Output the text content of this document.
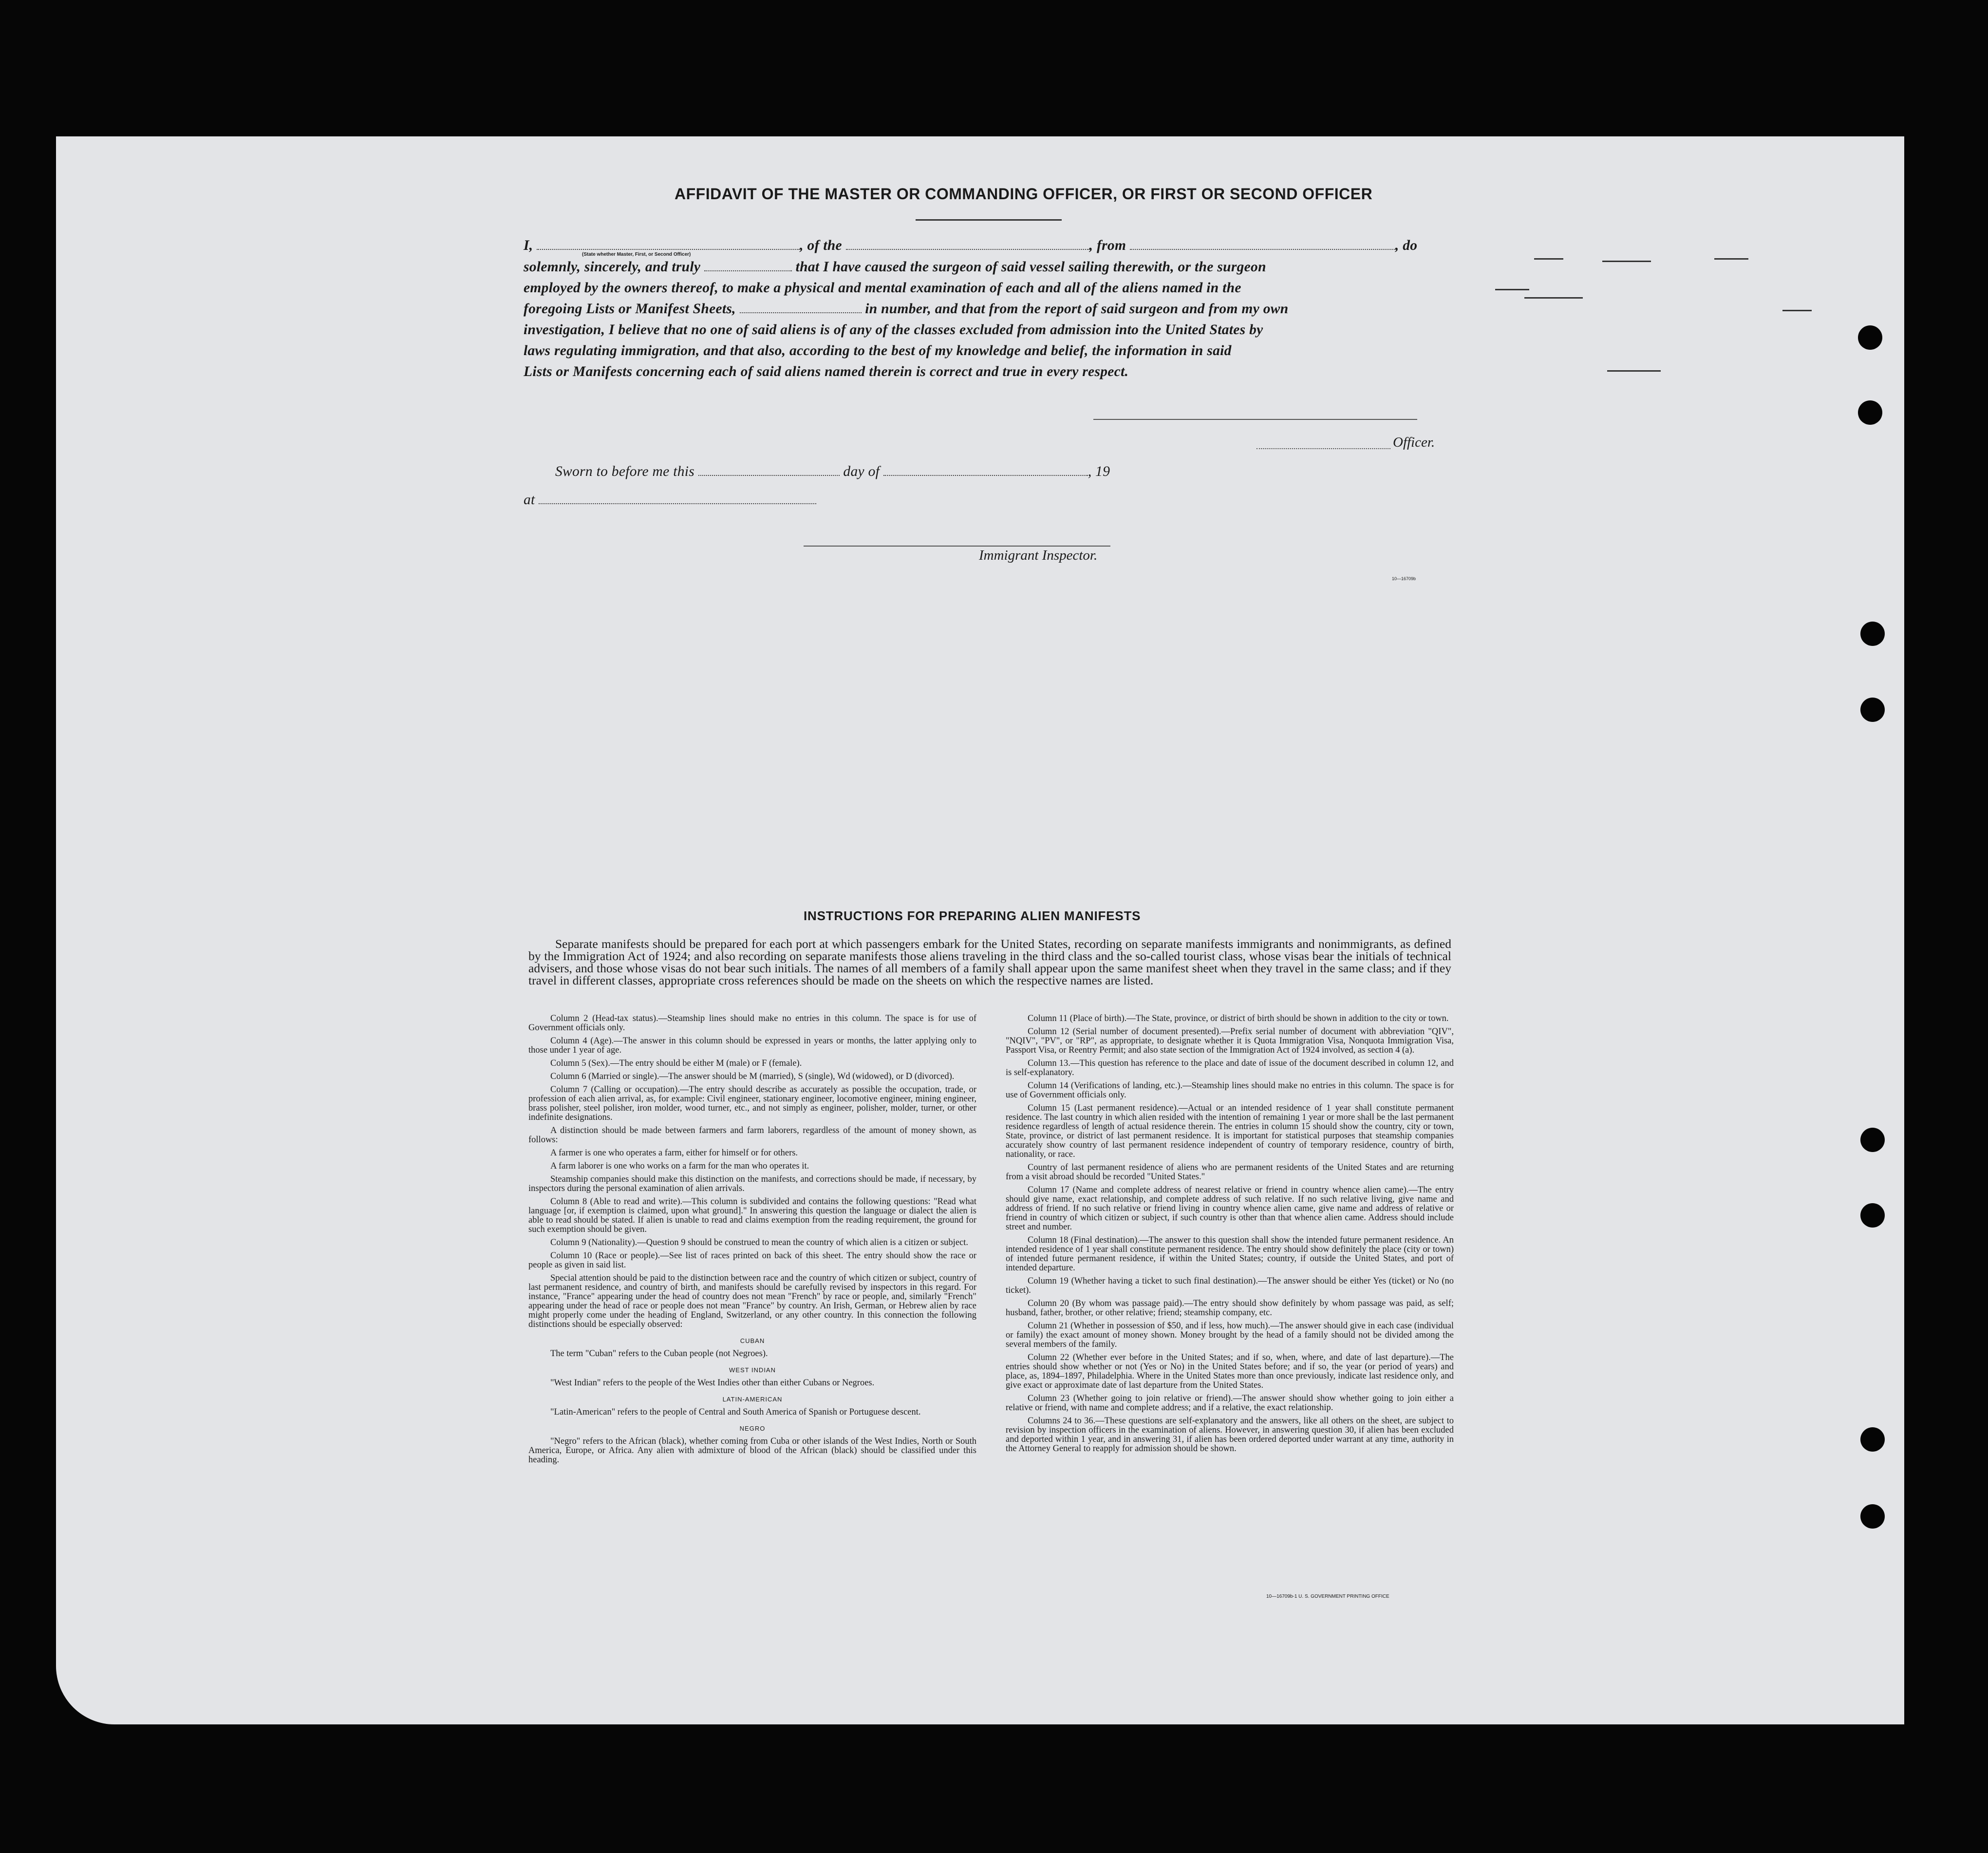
AFFIDAVIT OF THE MASTER OR COMMANDING OFFICER, OR FIRST OR SECOND OFFICER
I,	, of the	, from	, do
(State whether Master, First, or Second Officer)
solemnly, sincerely, and truly	that I have caused the surgeon of said vessel sailing therewith, or the surgeon
employed by the owners thereof, to make a physical and mental examination of each and all of the aliens named in the
foregoing Lists or Manifest Sheets,	in number, and that from the report of said surgeon and from my own
investigation, I believe that no one of said aliens is of any of the classes excluded from admission into the United States by
laws regulating immigration, and that also, according to the best of my knowledge and belief, the information in said
Lists or Manifests concerning each of said aliens named therein is correct and true in every respect.
Officer.
Sworn to before me this	day of	, 19
at
Immigrant Inspector.
10—16709b
INSTRUCTIONS FOR PREPARING ALIEN MANIFESTS

Separate manifests should be prepared for each port at which passengers embark for the United States, recording on separate manifests immigrants and nonimmigrants, as defined by the Immigration Act of 1924; and also recording on separate manifests those aliens traveling in the third class and the so-called tourist class, whose visas bear the initials of technical advisers, and those whose visas do not bear such initials. The names of all members of a family shall appear upon the same manifest sheet when they travel in the same class; and if they travel in different classes, appropriate cross references should be made on the sheets on which the respective names are listed.

Column 2 (Head-tax status).—Steamship lines should make no entries in this column. The space is for use of Government officials only.

Column 4 (Age).—The answer in this column should be expressed in years or months, the latter applying only to those under 1 year of age.

Column 5 (Sex).—The entry should be either M (male) or F (female).

Column 6 (Married or single).—The answer should be M (married), S (single), Wd (widowed), or D (divorced).

Column 7 (Calling or occupation).—The entry should describe as accurately as possible the occupation, trade, or profession of each alien arrival, as, for example: Civil engineer, stationary engineer, locomotive engineer, mining engineer, brass polisher, steel polisher, iron molder, wood turner, etc., and not simply as engineer, polisher, molder, turner, or other indefinite designations.

A distinction should be made between farmers and farm laborers, regardless of the amount of money shown, as follows:

A farmer is one who operates a farm, either for himself or for others.

A farm laborer is one who works on a farm for the man who operates it.

Steamship companies should make this distinction on the manifests, and corrections should be made, if necessary, by inspectors during the personal examination of alien arrivals.

Column 8 (Able to read and write).—This column is subdivided and contains the following questions: "Read what language [or, if exemption is claimed, upon what ground]." In answering this question the language or dialect the alien is able to read should be stated. If alien is unable to read and claims exemption from the reading requirement, the ground for such exemption should be given.

Column 9 (Nationality).—Question 9 should be construed to mean the country of which alien is a citizen or subject.

Column 10 (Race or people).—See list of races printed on back of this sheet. The entry should show the race or people as given in said list.

Special attention should be paid to the distinction between race and the country of which citizen or subject, country of last permanent residence, and country of birth, and manifests should be carefully revised by inspectors in this regard. For instance, "France" appearing under the head of country does not mean "French" by race or people, and, similarly "French" appearing under the head of race or people does not mean "France" by country. An Irish, German, or Hebrew alien by race might properly come under the heading of England, Switzerland, or any other country. In this connection the following distinctions should be especially observed:

CUBAN

The term "Cuban" refers to the Cuban people (not Negroes).

WEST INDIAN

"West Indian" refers to the people of the West Indies other than either Cubans or Negroes.

LATIN-AMERICAN

"Latin-American" refers to the people of Central and South America of Spanish or Portuguese descent.

NEGRO

"Negro" refers to the African (black), whether coming from Cuba or other islands of the West Indies, North or South America, Europe, or Africa. Any alien with admixture of blood of the African (black) should be classified under this heading.

Column 11 (Place of birth).—The State, province, or district of birth should be shown in addition to the city or town.

Column 12 (Serial number of document presented).—Prefix serial number of document with abbreviation "QIV", "NQIV", "PV", or "RP", as appropriate, to designate whether it is Quota Immigration Visa, Nonquota Immigration Visa, Passport Visa, or Reentry Permit; and also state section of the Immigration Act of 1924 involved, as section 4 (a).

Column 13.—This question has reference to the place and date of issue of the document described in column 12, and is self-explanatory.

Column 14 (Verifications of landing, etc.).—Steamship lines should make no entries in this column. The space is for use of Government officials only.

Column 15 (Last permanent residence).—Actual or an intended residence of 1 year shall constitute permanent residence. The last country in which alien resided with the intention of remaining 1 year or more shall be the last permanent residence regardless of length of actual residence therein. The entries in column 15 should show the country, city or town, State, province, or district of last permanent residence. It is important for statistical purposes that steamship companies accurately show country of last permanent residence independent of country of temporary residence, country of birth, nationality, or race.

Country of last permanent residence of aliens who are permanent residents of the United States and are returning from a visit abroad should be recorded "United States."

Column 17 (Name and complete address of nearest relative or friend in country whence alien came).—The entry should give name, exact relationship, and complete address of such relative. If no such relative living, give name and address of friend. If no such relative or friend living in country whence alien came, give name and address of relative or friend in country of which citizen or subject, if such country is other than that whence alien came. Address should include street and number.

Column 18 (Final destination).—The answer to this question shall show the intended future permanent residence. An intended residence of 1 year shall constitute permanent residence. The entry should show definitely the place (city or town) of intended future permanent residence, if within the United States; country, if outside the United States, and port of intended departure.

Column 19 (Whether having a ticket to such final destination).—The answer should be either Yes (ticket) or No (no ticket).

Column 20 (By whom was passage paid).—The entry should show definitely by whom passage was paid, as self; husband, father, brother, or other relative; friend; steamship company, etc.

Column 21 (Whether in possession of $50, and if less, how much).—The answer should give in each case (individual or family) the exact amount of money shown. Money brought by the head of a family should not be divided among the several members of the family.

Column 22 (Whether ever before in the United States; and if so, when, where, and date of last departure).—The entries should show whether or not (Yes or No) in the United States before; and if so, the year (or period of years) and place, as, 1894–1897, Philadelphia. Where in the United States more than once previously, indicate last residence only, and give exact or approximate date of last departure from the United States.

Column 23 (Whether going to join relative or friend).—The answer should show whether going to join either a relative or friend, with name and complete address; and if a relative, the exact relationship.

Columns 24 to 36.—These questions are self-explanatory and the answers, like all others on the sheet, are subject to revision by inspection officers in the examination of aliens. However, in answering question 30, if alien has been excluded and deported within 1 year, and in answering 31, if alien has been ordered deported under warrant at any time, authority in the Attorney General to reapply for admission should be shown.

10—16709b-1 U. S. GOVERNMENT PRINTING OFFICE
